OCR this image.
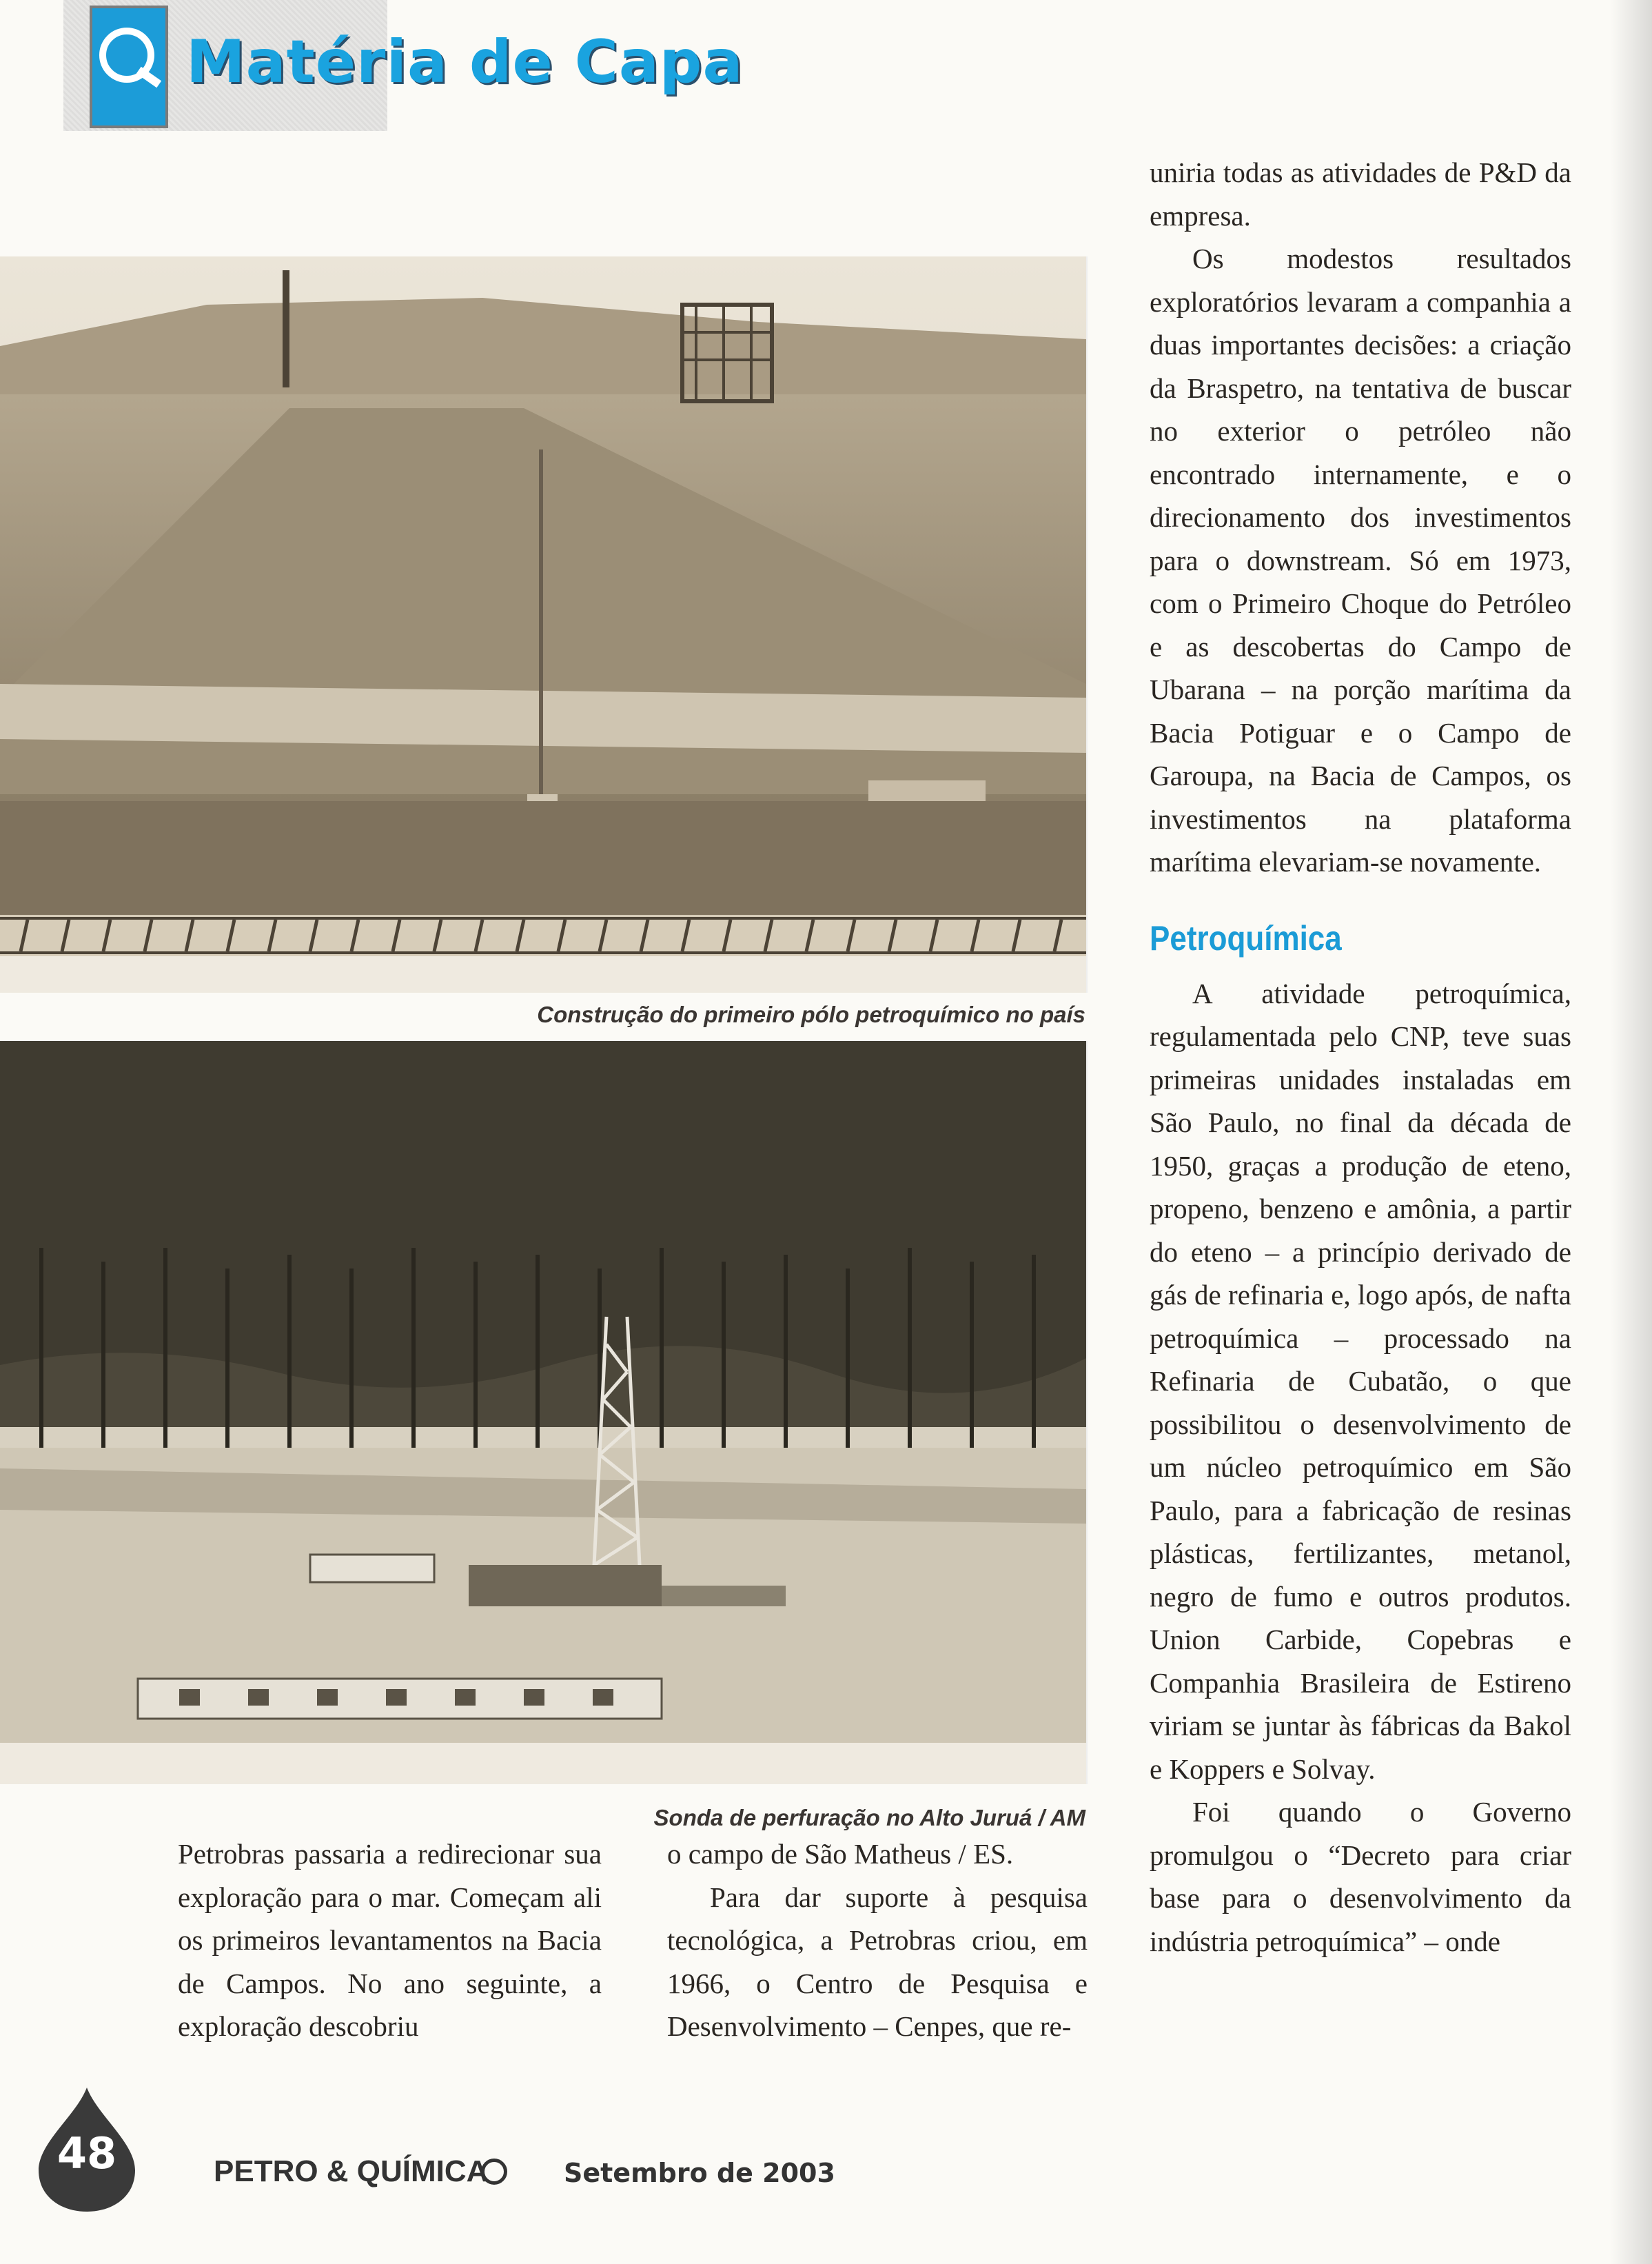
Matéria de Capa
Construção do primeiro pólo petroquímico no país
Sonda de perfuração no Alto Juruá / AM

Petrobras passaria a redirecionar sua exploração para o mar. Começam ali os primeiros levantamentos na Bacia de Campos. No ano seguinte, a exploração descobriu

o campo de São Matheus / ES.

Para dar suporte à pesquisa tecnológica, a Petrobras criou, em 1966, o Centro de Pesquisa e Desenvolvimento – Cenpes, que re-

uniria todas as atividades de P&D da empresa.

Os modestos resultados exploratórios levaram a companhia a duas importantes decisões: a criação da Braspetro, na tentativa de buscar no exterior o petróleo não encontrado internamente, e o direcionamento dos investimentos para o downstream. Só em 1973, com o Primeiro Choque do Petróleo e as descobertas do Campo de Ubarana – na porção marítima da Bacia Potiguar e o Campo de Garoupa, na Bacia de Campos, os investimentos na plataforma marítima elevariam-se novamente.

Petroquímica

A atividade petroquímica, regulamentada pelo CNP, teve suas primeiras unidades instaladas em São Paulo, no final da década de 1950, graças a produção de eteno, propeno, benzeno e amônia, a partir do eteno – a princípio derivado de gás de refinaria e, logo após, de nafta petroquímica – processado na Refinaria de Cubatão, o que possibilitou o desenvolvimento de um núcleo petroquímico em São Paulo, para a fabricação de resinas plásticas, fertilizantes, metanol, negro de fumo e outros produtos. Union Carbide, Copebras e Companhia Brasileira de Estireno viriam se juntar às fábricas da Bakol e Koppers e Solvay.

Foi quando o Governo promulgou o “Decreto para criar base para o desenvolvimento da indústria petroquímica” – onde

48	PETRO & QUÍMICA	Setembro de 2003
